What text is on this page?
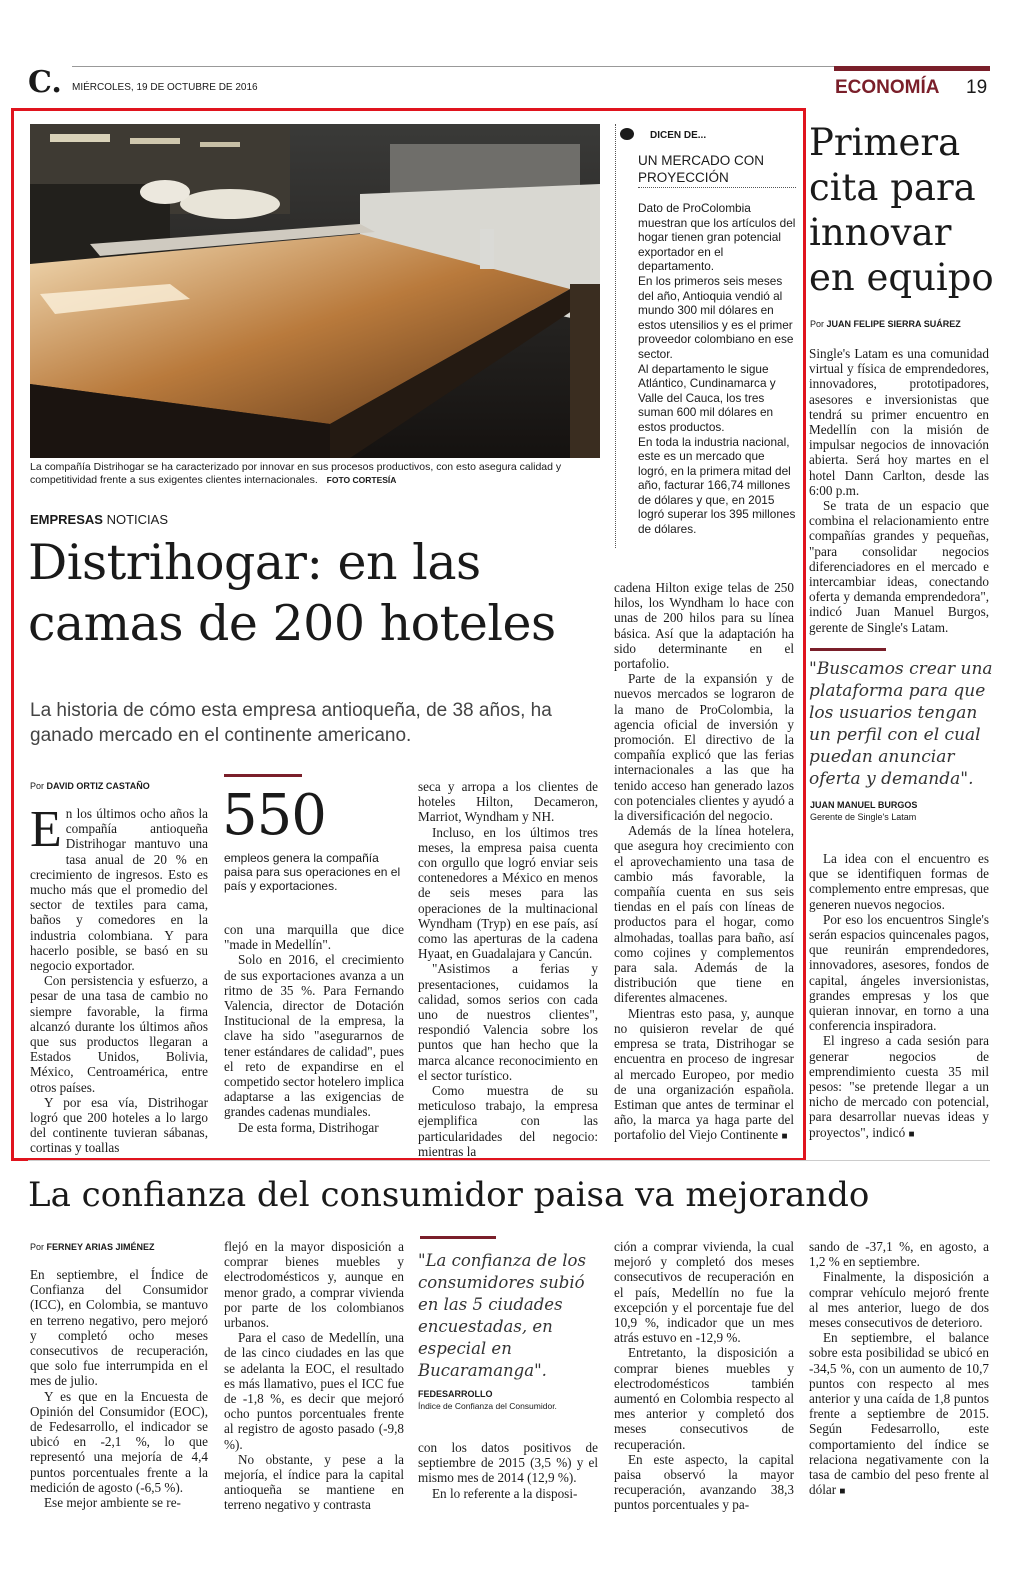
C. MIÉRCOLES, 19 DE OCTUBRE DE 2016	ECONOMÍA 19
La compañía Distrihogar se ha caracterizado por innovar en sus procesos productivos, con esto asegura calidad y competitividad frente a sus exigentes clientes internacionales. FOTO CORTESÍA
EMPRESAS NOTICIAS
Distrihogar: en las camas de 200 hoteles
La historia de cómo esta empresa antioqueña, de 38 años, ha ganado mercado en el continente americano.
Por DAVID ORTIZ CASTAÑO

En los últimos ocho años la compañía antioqueña Distrihogar mantuvo una tasa anual de 20 % en crecimiento de ingresos. Esto es mucho más que el promedio del sector de textiles para cama, baños y comedores en la industria colombiana. Y para hacerlo posible, se basó en su negocio exportador.

Con persistencia y esfuerzo, a pesar de una tasa de cambio no siempre favorable, la firma alcanzó durante los últimos años que sus productos llegaran a Estados Unidos, Bolivia, México, Centroamérica, entre otros países.

Y por esa vía, Distrihogar logró que 200 hoteles a lo largo del continente tuvieran sábanas, cortinas y toallas

550
empleos genera la compañía paisa para sus operaciones en el país y exportaciones.

con una marquilla que dice "made in Medellín".

Solo en 2016, el crecimiento de sus exportaciones avanza a un ritmo de 35 %. Para Fernando Valencia, director de Dotación Institucional de la empresa, la clave ha sido "asegurarnos de tener estándares de calidad", pues el reto de expandirse en el competido sector hotelero implica adaptarse a las exigencias de grandes cadenas mundiales.

De esta forma, Distrihogar

seca y arropa a los clientes de hoteles Hilton, Decameron, Marriot, Wyndham y NH.

Incluso, en los últimos tres meses, la empresa paisa cuenta con orgullo que logró enviar seis contenedores a México en menos de seis meses para las operaciones de la multinacional Wyndham (Tryp) en ese país, así como las aperturas de la cadena Hyaat, en Guadalajara y Cancún.

"Asistimos a ferias y presentaciones, cuidamos la calidad, somos serios con cada uno de nuestros clientes", respondió Valencia sobre los puntos que han hecho que la marca alcance reconocimiento en el sector turístico.

Como muestra de su meticuloso trabajo, la empresa ejemplifica con las particularidades del negocio: mientras la

DICEN DE...
UN MERCADO CON PROYECCIÓN
Dato de ProColombia muestran que los artículos del hogar tienen gran potencial exportador en el departamento.
En los primeros seis meses del año, Antioquia vendió al mundo 300 mil dólares en estos utensilios y es el primer proveedor colombiano en ese sector.
Al departamento le sigue Atlántico, Cundinamarca y Valle del Cauca, los tres suman 600 mil dólares en estos productos.
En toda la industria nacional, este es un mercado que logró, en la primera mitad del año, facturar 166,74 millones de dólares y que, en 2015 logró superar los 395 millones de dólares.

cadena Hilton exige telas de 250 hilos, los Wyndham lo hace con unas de 200 hilos para su línea básica. Así que la adaptación ha sido determinante en el portafolio.

Parte de la expansión y de nuevos mercados se lograron de la mano de ProColombia, la agencia oficial de inversión y promoción. El directivo de la compañía explicó que las ferias internacionales a las que ha tenido acceso han generado lazos con potenciales clientes y ayudó a la diversificación del negocio.

Además de la línea hotelera, que asegura hoy crecimiento con el aprovechamiento una tasa de cambio más favorable, la compañía cuenta en sus seis tiendas en el país con líneas de productos para el hogar, como almohadas, toallas para baño, así como cojines y complementos para sala. Además de la distribución que tiene en diferentes almacenes.

Mientras esto pasa, y, aunque no quisieron revelar de qué empresa se trata, Distrihogar se encuentra en proceso de ingresar al mercado Europeo, por medio de una organización española. Estiman que antes de terminar el año, la marca ya haga parte del portafolio del Viejo Continente ■

Primera cita para innovar en equipo
Por JUAN FELIPE SIERRA SUÁREZ

Single's Latam es una comunidad virtual y física de emprendedores, innovadores, prototipadores, asesores e inversionistas que tendrá su primer encuentro en Medellín con la misión de impulsar negocios de innovación abierta. Será hoy martes en el hotel Dann Carlton, desde las 6:00 p.m.

Se trata de un espacio que combina el relacionamiento entre compañías grandes y pequeñas, "para consolidar negocios diferenciadores en el mercado e intercambiar ideas, conectando oferta y demanda emprendedora", indicó Juan Manuel Burgos, gerente de Single's Latam.

"Buscamos crear una plataforma para que los usuarios tengan un perfil con el cual puedan anunciar oferta y demanda".
JUAN MANUEL BURGOS
Gerente de Single's Latam

La idea con el encuentro es que se identifiquen formas de complemento entre empresas, que generen nuevos negocios.

Por eso los encuentros Single's serán espacios quincenales pagos, que reunirán emprendedores, innovadores, asesores, fondos de capital, ángeles inversionistas, grandes empresas y los que quieran innovar, en torno a una conferencia inspiradora.

El ingreso a cada sesión para generar negocios de emprendimiento cuesta 35 mil pesos: "se pretende llegar a un nicho de mercado con potencial, para desarrollar nuevas ideas y proyectos", indicó ■

La confianza del consumidor paisa va mejorando
Por FERNEY ARIAS JIMÉNEZ

En septiembre, el Índice de Confianza del Consumidor (ICC), en Colombia, se mantuvo en terreno negativo, pero mejoró y completó ocho meses consecutivos de recuperación, que solo fue interrumpida en el mes de julio.

Y es que en la Encuesta de Opinión del Consumidor (EOC), de Fedesarrollo, el indicador se ubicó en -2,1 %, lo que representó una mejoría de 4,4 puntos porcentuales frente a la medición de agosto (-6,5 %).

Ese mejor ambiente se re-

flejó en la mayor disposición a comprar bienes muebles y electrodomésticos y, aunque en menor grado, a comprar vivienda por parte de los colombianos urbanos.

Para el caso de Medellín, una de las cinco ciudades en las que se adelanta la EOC, el resultado es más llamativo, pues el ICC fue de -1,8 %, es decir que mejoró ocho puntos porcentuales frente al registro de agosto pasado (-9,8 %).

No obstante, y pese a la mejoría, el índice para la capital antioqueña se mantiene en terreno negativo y contrasta

"La confianza de los consumidores subió en las 5 ciudades encuestadas, en especial en Bucaramanga".
FEDESARROLLO
Índice de Confianza del Consumidor.

con los datos positivos de septiembre de 2015 (3,5 %) y el mismo mes de 2014 (12,9 %).

En lo referente a la disposi-

ción a comprar vivienda, la cual mejoró y completó dos meses consecutivos de recuperación en el país, Medellín no fue la excepción y el porcentaje fue del 10,9 %, indicador que un mes atrás estuvo en -12,9 %.

Entretanto, la disposición a comprar bienes muebles y electrodomésticos también aumentó en Colombia respecto al mes anterior y completó dos meses consecutivos de recuperación.

En este aspecto, la capital paisa observó la mayor recuperación, avanzando 38,3 puntos porcentuales y pa-

sando de -37,1 %, en agosto, a 1,2 % en septiembre.

Finalmente, la disposición a comprar vehículo mejoró frente al mes anterior, luego de dos meses consecutivos de deterioro.

En septiembre, el balance sobre esta posibilidad se ubicó en -34,5 %, con un aumento de 10,7 puntos con respecto al mes anterior y una caída de 1,8 puntos frente a septiembre de 2015. Según Fedesarrollo, este comportamiento del índice se relaciona negativamente con la tasa de cambio del peso frente al dólar ■
